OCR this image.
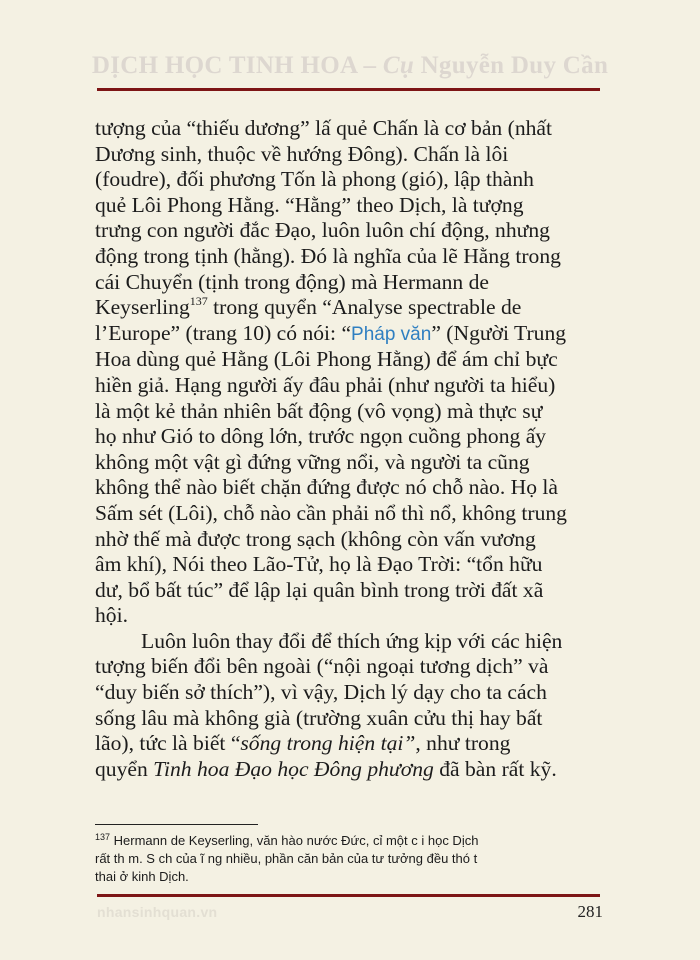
DỊCH HỌC TINH HOA – Cụ Nguyễn Duy Cần

tượng của “thiếu dương” lấ quẻ Chấn là cơ bản (nhất
Dương sinh, thuộc về hướng Đông). Chấn là lôi
(foudre), đối phương Tốn là phong (gió), lập thành
quẻ Lôi Phong Hằng. “Hằng” theo Dịch, là tượng
trưng con người đắc Đạo, luôn luôn chí động, nhưng
động trong tịnh (hằng). Đó là nghĩa của lẽ Hằng trong
cái Chuyển (tịnh trong động) mà Hermann de
Keyserling$^{137}$ trong quyển “Analyse spectrable de
l’Europe” (trang 10) có nói: “Pháp văn” (Người Trung
Hoa dùng quẻ Hằng (Lôi Phong Hằng) để ám chỉ bực
hiền giả. Hạng người ấy đâu phải (như người ta hiểu)
là một kẻ thản nhiên bất động (vô vọng) mà thực sự
họ như Gió to dông lớn, trước ngọn cuồng phong ấy
không một vật gì đứng vững nổi, và người ta cũng
không thể nào biết chặn đứng được nó chỗ nào. Họ là
Sấm sét (Lôi), chỗ nào cần phải nổ thì nổ, không trung
nhờ thế mà được trong sạch (không còn vấn vương
âm khí), Nói theo Lão-Tử, họ là Đạo Trời: “tổn hữu
dư, bổ bất túc” để lập lại quân bình trong trời đất xã
hội.

Luôn luôn thay đổi để thích ứng kịp với các hiện
tượng biến đổi bên ngoài (“nội ngoại tương dịch” và
“duy biến sở thích”), vì vậy, Dịch lý dạy cho ta cách
sống lâu mà không già (trường xuân cửu thị hay bất
lão), tức là biết “sống trong hiện tại”, như trong
quyển Tinh hoa Đạo học Đông phương đã bàn rất kỹ.

$^{137}$ Hermann de Keyserling, văn hào nước Đức, cỉ một c i học Dịch
rất th m. S ch của ĩ ng nhiều, phần căn bản của tư tưởng đều thó t
thai ở kinh Dịch.
nhansinhquan.vn	281
